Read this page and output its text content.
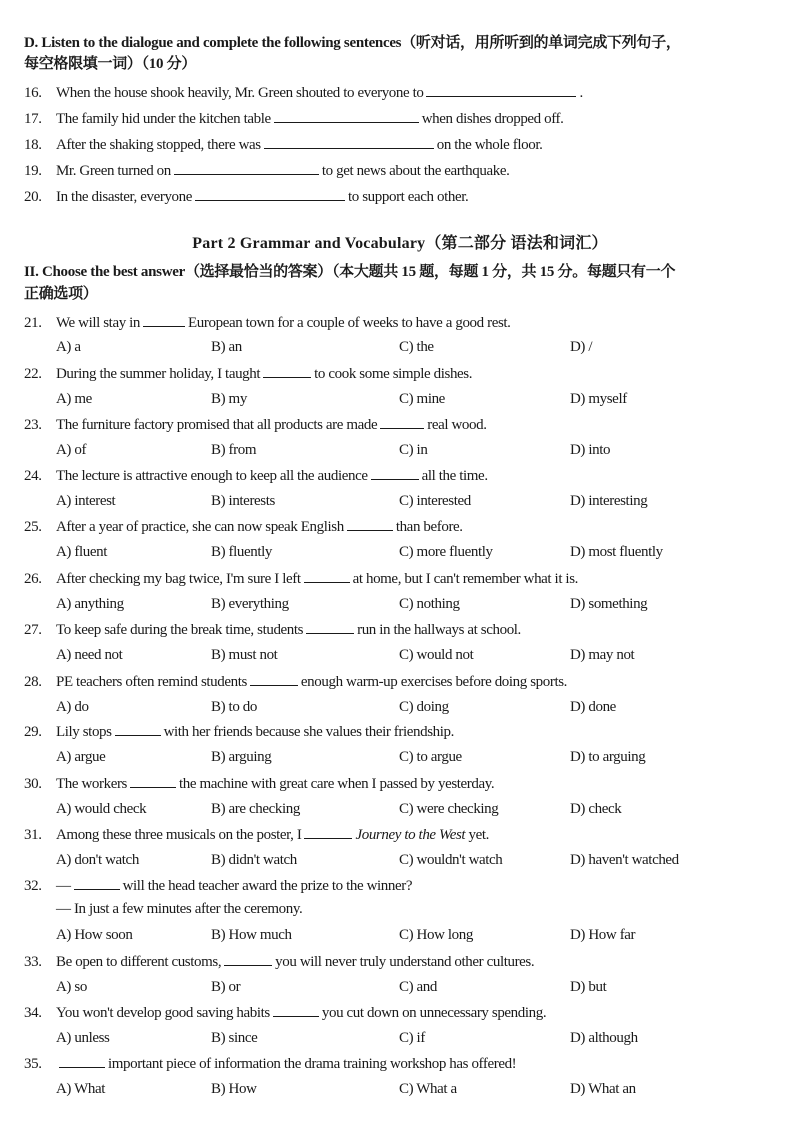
D. Listen to the dialogue and complete the following sentences（听对话，用所听到的单词完成下列句子，
每空格限填一词）（10 分）
16. When the house shook heavily, Mr. Green shouted to everyone to	.
17. The family hid under the kitchen table	when dishes dropped off.
18. After the shaking stopped, there was	on the whole floor.
19. Mr. Green turned on	to get news about the earthquake.
20. In the disaster, everyone	to support each other.
Part 2 Grammar and Vocabulary（第二部分 语法和词汇）
II. Choose the best answer（选择最恰当的答案）（本大题共 15 题，每题 1 分，共 15 分。每题只有一个
正确选项）
21. We will stay in	European town for a couple of weeks to have a good rest.
A) a	B) an	C) the	D) /
22. During the summer holiday, I taught	to cook some simple dishes.
A) me	B) my	C) mine	D) myself
23. The furniture factory promised that all products are made	real wood.
A) of	B) from	C) in	D) into
24. The lecture is attractive enough to keep all the audience	all the time.
A) interest	B) interests	C) interested	D) interesting
25. After a year of practice, she can now speak English	than before.
A) fluent	B) fluently	C) more fluently	D) most fluently
26. After checking my bag twice, I'm sure I left	at home, but I can't remember what it is.
A) anything	B) everything	C) nothing	D) something
27. To keep safe during the break time, students	run in the hallways at school.
A) need not	B) must not	C) would not	D) may not
28. PE teachers often remind students	enough warm-up exercises before doing sports.
A) do	B) to do	C) doing	D) done
29. Lily stops	with her friends because she values their friendship.
A) argue	B) arguing	C) to argue	D) to arguing
30. The workers	the machine with great care when I passed by yesterday.
A) would check	B) are checking	C) were checking	D) check
31. Among these three musicals on the poster, I	Journey to the West yet.
A) don't watch	B) didn't watch	C) wouldn't watch	D) haven't watched
32. —	will the head teacher award the prize to the winner?
— In just a few minutes after the ceremony.
A) How soon	B) How much	C) How long	D) How far
33. Be open to different customs,	you will never truly understand other cultures.
A) so	B) or	C) and	D) but
34. You won't develop good saving habits	you cut down on unnecessary spending.
A) unless	B) since	C) if	D) although
35.	important piece of information the drama training workshop has offered!
A) What	B) How	C) What a	D) What an
